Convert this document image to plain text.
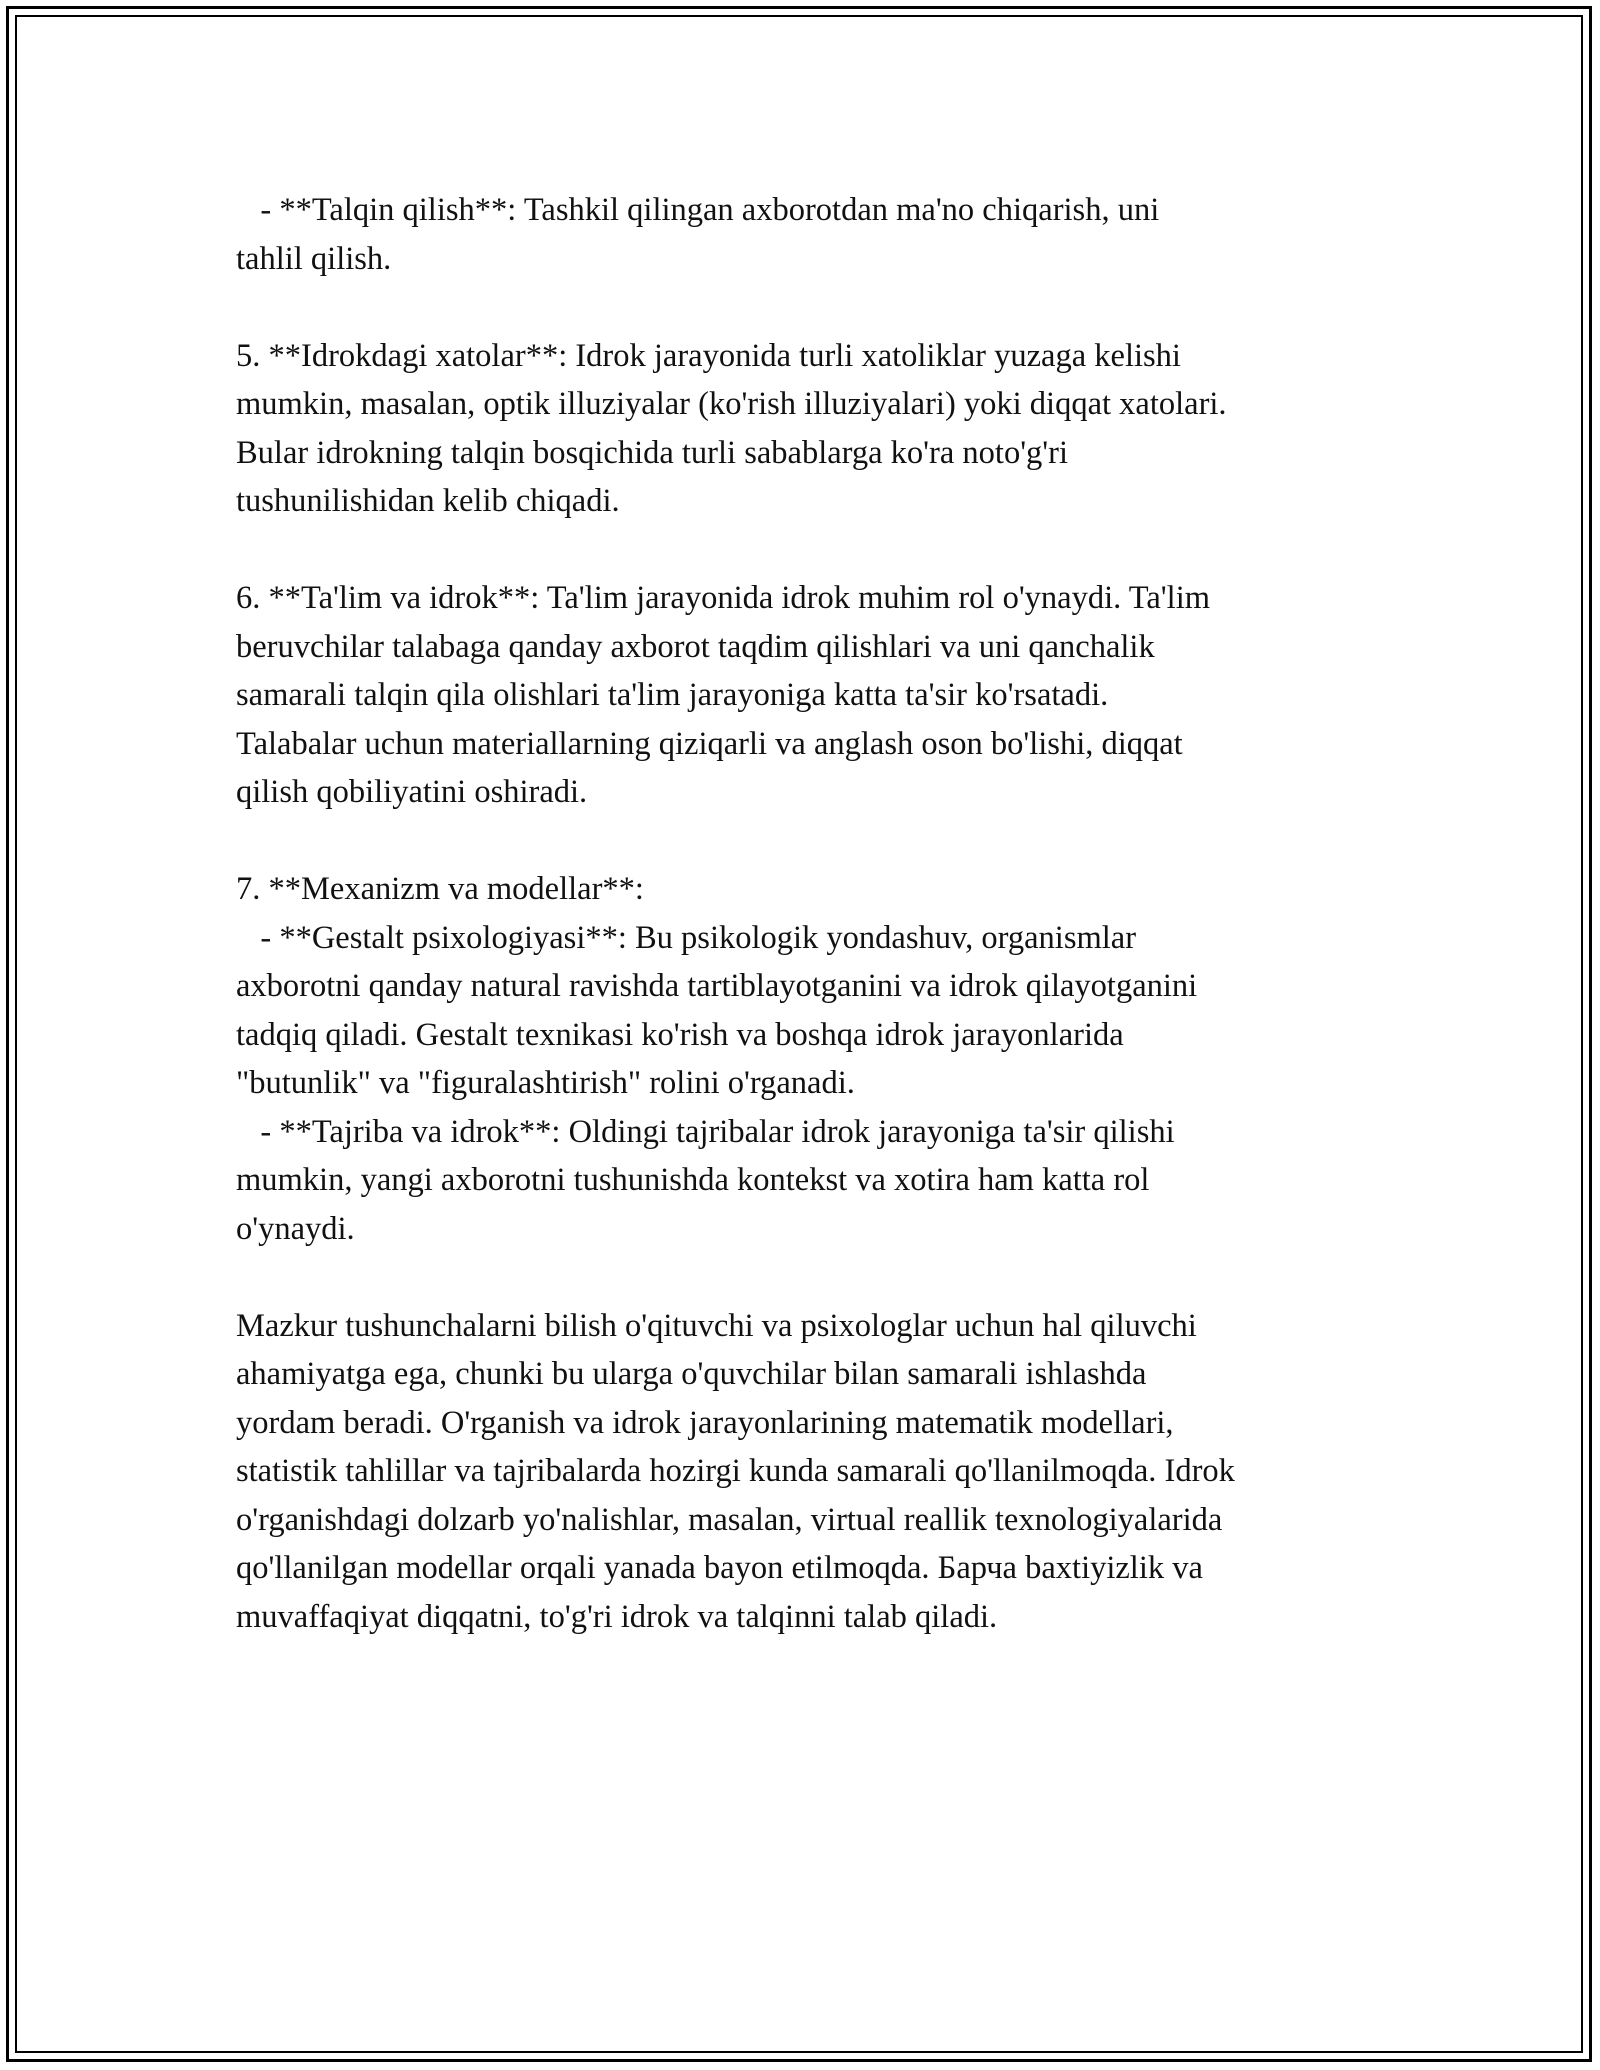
- **Talqin qilish**: Tashkil qilingan axborotdan ma'no chiqarish, uni
tahlil qilish.
5. **Idrokdagi xatolar**: Idrok jarayonida turli xatoliklar yuzaga kelishi
mumkin, masalan, optik illuziyalar (ko'rish illuziyalari) yoki diqqat xatolari.
Bular idrokning talqin bosqichida turli sabablarga ko'ra noto'g'ri
tushunilishidan kelib chiqadi.
6. **Ta'lim va idrok**: Ta'lim jarayonida idrok muhim rol o'ynaydi. Ta'lim
beruvchilar talabaga qanday axborot taqdim qilishlari va uni qanchalik
samarali talqin qila olishlari ta'lim jarayoniga katta ta'sir ko'rsatadi.
Talabalar uchun materiallarning qiziqarli va anglash oson bo'lishi, diqqat
qilish qobiliyatini oshiradi.
7. **Mexanizm va modellar**:
- **Gestalt psixologiyasi**: Bu psikologik yondashuv, organismlar
axborotni qanday natural ravishda tartiblayotganini va idrok qilayotganini
tadqiq qiladi. Gestalt texnikasi ko'rish va boshqa idrok jarayonlarida
"butunlik" va "figuralashtirish" rolini o'rganadi.
- **Tajriba va idrok**: Oldingi tajribalar idrok jarayoniga ta'sir qilishi
mumkin, yangi axborotni tushunishda kontekst va xotira ham katta rol
o'ynaydi.
Mazkur tushunchalarni bilish o'qituvchi va psixologlar uchun hal qiluvchi
ahamiyatga ega, chunki bu ularga o'quvchilar bilan samarali ishlashda
yordam beradi. O'rganish va idrok jarayonlarining matematik modellari,
statistik tahlillar va tajribalarda hozirgi kunda samarali qo'llanilmoqda. Idrok
o'rganishdagi dolzarb yo'nalishlar, masalan, virtual reallik texnologiyalarida
qo'llanilgan modellar orqali yanada bayon etilmoqda. Барча baxtiyizlik va
muvaffaqiyat diqqatni, to'g'ri idrok va talqinni talab qiladi.
